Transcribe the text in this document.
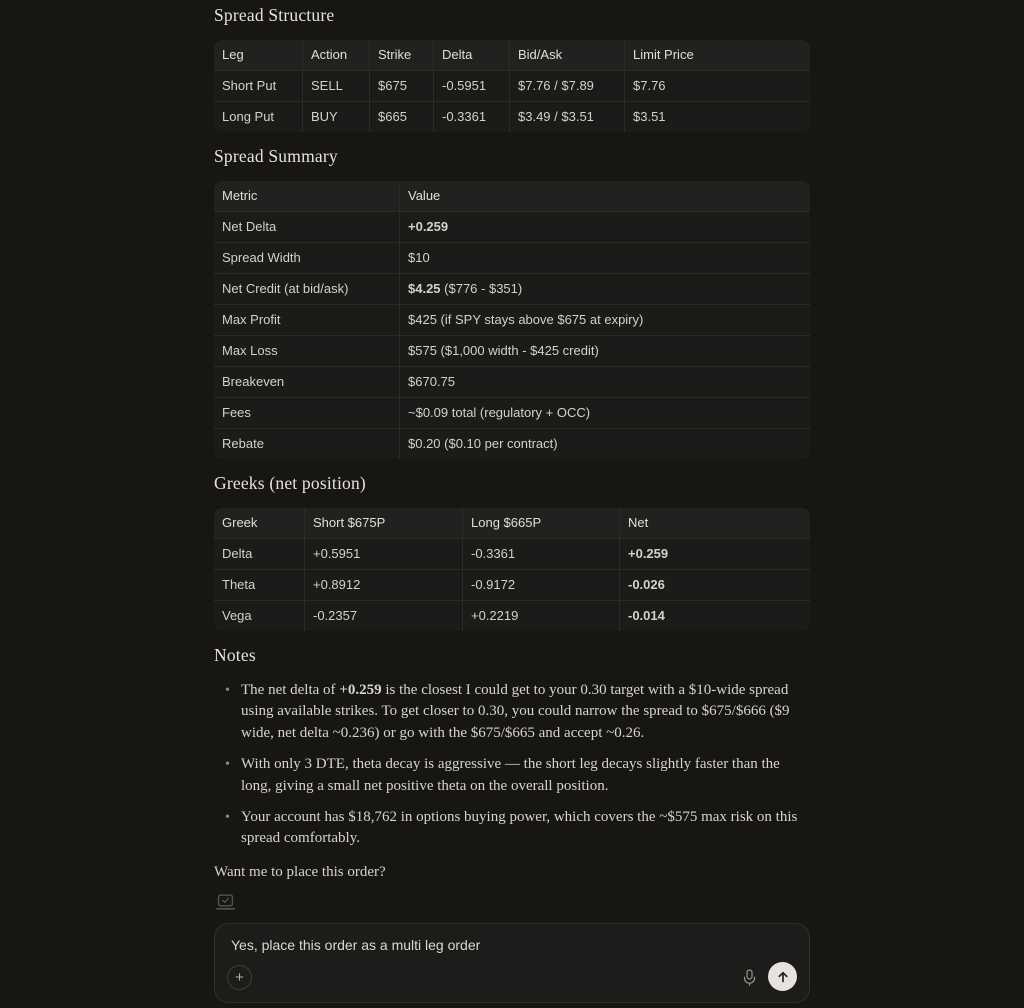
Spread Structure
Leg	Action	Strike	Delta	Bid/Ask	Limit Price
Short Put	SELL	$675	-0.5951	$7.76 / $7.89	$7.76
Long Put	BUY	$665	-0.3361	$3.49 / $3.51	$3.51
Spread Summary
Metric	Value
Net Delta	+0.259
Spread Width	$10
Net Credit (at bid/ask)	$4.25 ($776 - $351)
Max Profit	$425 (if SPY stays above $675 at expiry)
Max Loss	$575 ($1,000 width - $425 credit)
Breakeven	$670.75
Fees	~$0.09 total (regulatory + OCC)
Rebate	$0.20 ($0.10 per contract)
Greeks (net position)
Greek	Short $675P	Long $665P	Net
Delta	+0.5951	-0.3361	+0.259
Theta	+0.8912	-0.9172	-0.026
Vega	-0.2357	+0.2219	-0.014
Notes
• The net delta of +0.259 is the closest I could get to your 0.30 target with a $10-wide spread using available strikes. To get closer to 0.30, you could narrow the spread to $675/$666 ($9 wide, net delta ~0.236) or go with the $675/$665 and accept ~0.26.
• With only 3 DTE, theta decay is aggressive — the short leg decays slightly faster than the long, giving a small net positive theta on the overall position.
• Your account has $18,762 in options buying power, which covers the ~$575 max risk on this spread comfortably.

Want me to place this order?

Yes, place this order as a multi leg order
+
